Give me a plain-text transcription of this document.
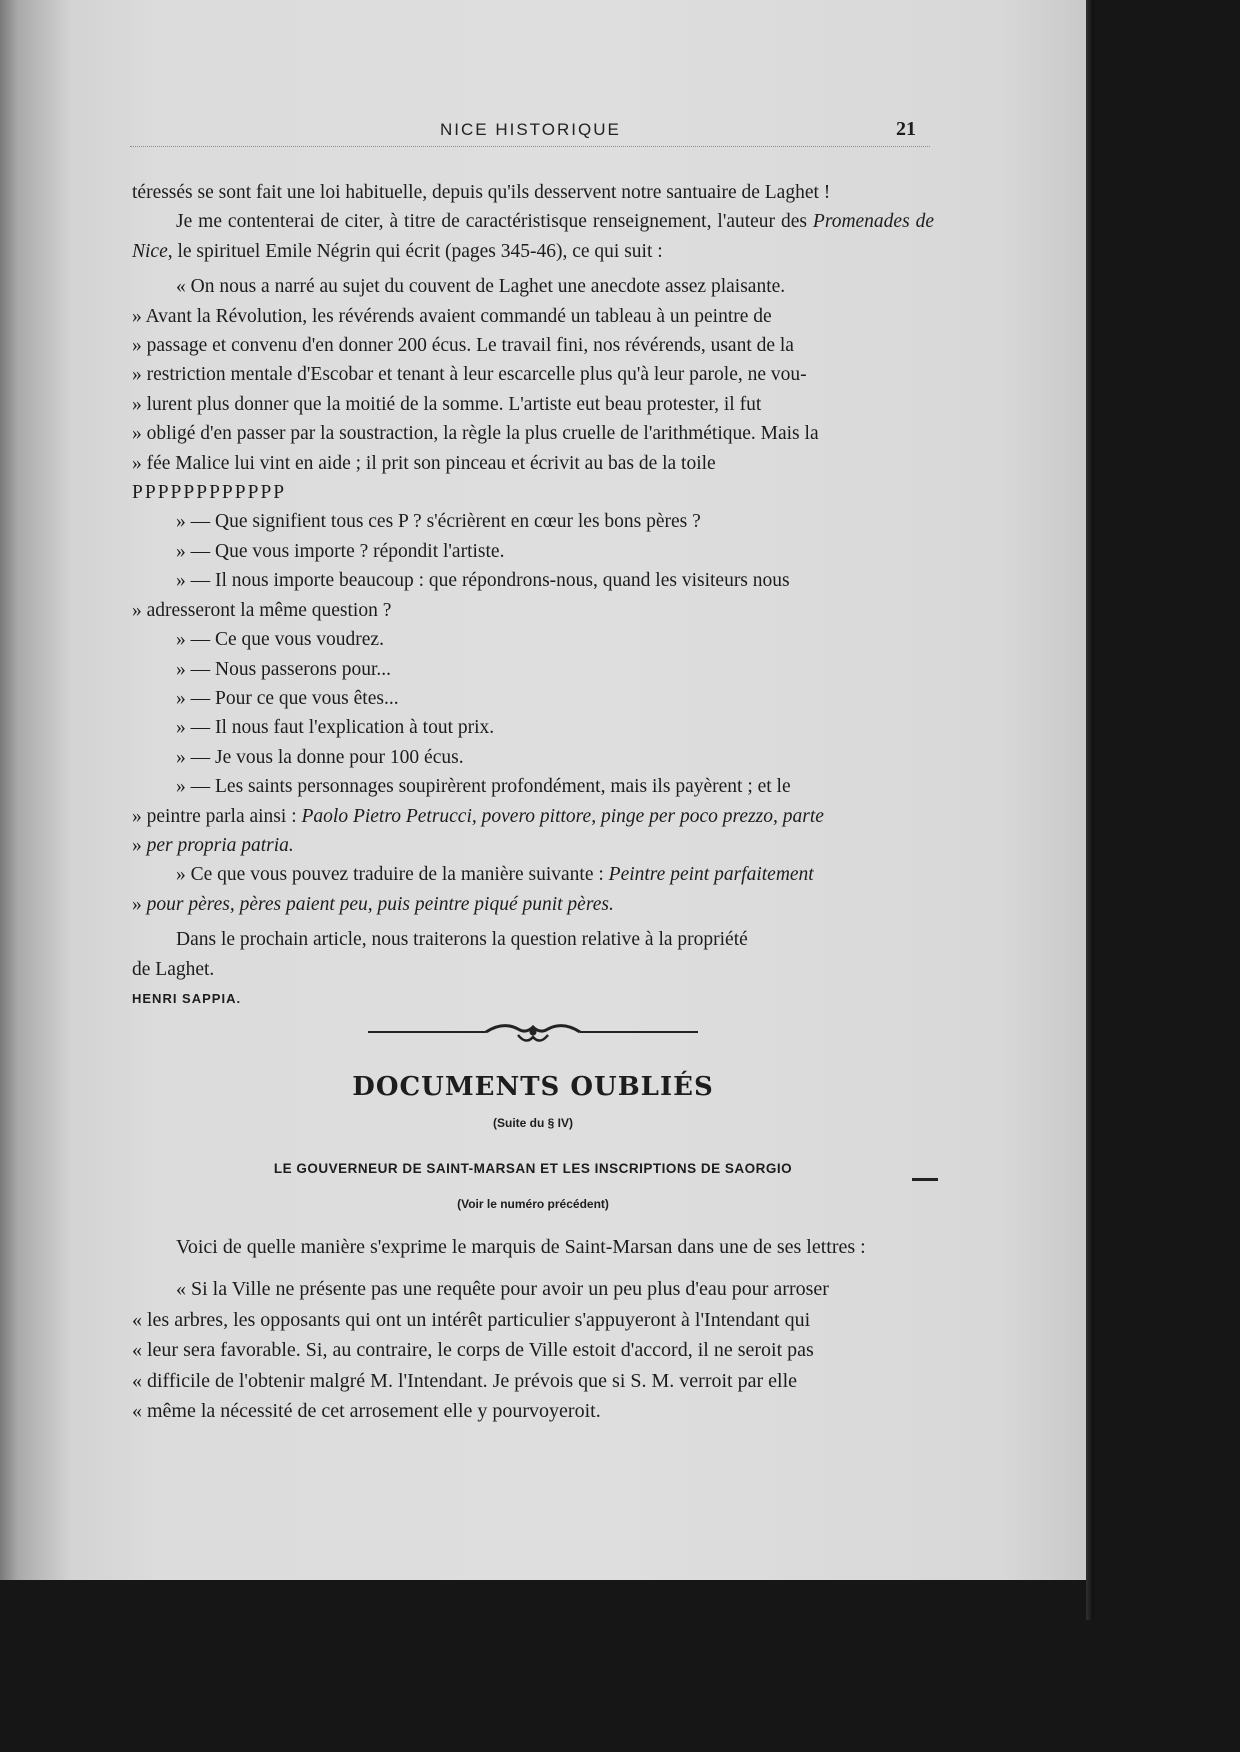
NICE HISTORIQUE	21

téressés se sont fait une loi habituelle, depuis qu'ils desservent notre santuaire de Laghet !

Je me contenterai de citer, à titre de caractéristisque renseignement, l'auteur des Promenades de Nice, le spirituel Emile Négrin qui écrit (pages 345-46), ce qui suit :

« On nous a narré au sujet du couvent de Laghet une anecdote assez plaisante.

» Avant la Révolution, les révérends avaient commandé un tableau à un peintre de

» passage et convenu d'en donner 200 écus. Le travail fini, nos révérends, usant de la

» restriction mentale d'Escobar et tenant à leur escarcelle plus qu'à leur parole, ne vou-

» lurent plus donner que la moitié de la somme. L'artiste eut beau protester, il fut

» obligé d'en passer par la soustraction, la règle la plus cruelle de l'arithmétique. Mais la

» fée Malice lui vint en aide ; il prit son pinceau et écrivit au bas de la toile

PPPPPPPPPPPP

» — Que signifient tous ces P ? s'écrièrent en cœur les bons pères ?

» — Que vous importe ? répondit l'artiste.

» — Il nous importe beaucoup : que répondrons-nous, quand les visiteurs nous

» adresseront la même question ?

» — Ce que vous voudrez.

» — Nous passerons pour...

» — Pour ce que vous êtes...

» — Il nous faut l'explication à tout prix.

» — Je vous la donne pour 100 écus.

» — Les saints personnages soupirèrent profondément, mais ils payèrent ; et le

» peintre parla ainsi : Paolo Pietro Petrucci, povero pittore, pinge per poco prezzo, parte

» per propria patria.

» Ce que vous pouvez traduire de la manière suivante : Peintre peint parfaitement

» pour pères, pères paient peu, puis peintre piqué punit pères.

Dans le prochain article, nous traiterons la question relative à la propriété

de Laghet.

HENRI SAPPIA.

DOCUMENTS OUBLIÉS
(Suite du § IV)
LE GOUVERNEUR DE SAINT-MARSAN ET LES INSCRIPTIONS DE SAORGIO
(Voir le numéro précédent)

Voici de quelle manière s'exprime le marquis de Saint-Marsan dans une de ses lettres :

« Si la Ville ne présente pas une requête pour avoir un peu plus d'eau pour arroser

« les arbres, les opposants qui ont un intérêt particulier s'appuyeront à l'Intendant qui

« leur sera favorable. Si, au contraire, le corps de Ville estoit d'accord, il ne seroit pas

« difficile de l'obtenir malgré M. l'Intendant. Je prévois que si S. M. verroit par elle

« même la nécessité de cet arrosement elle y pourvoyeroit.
